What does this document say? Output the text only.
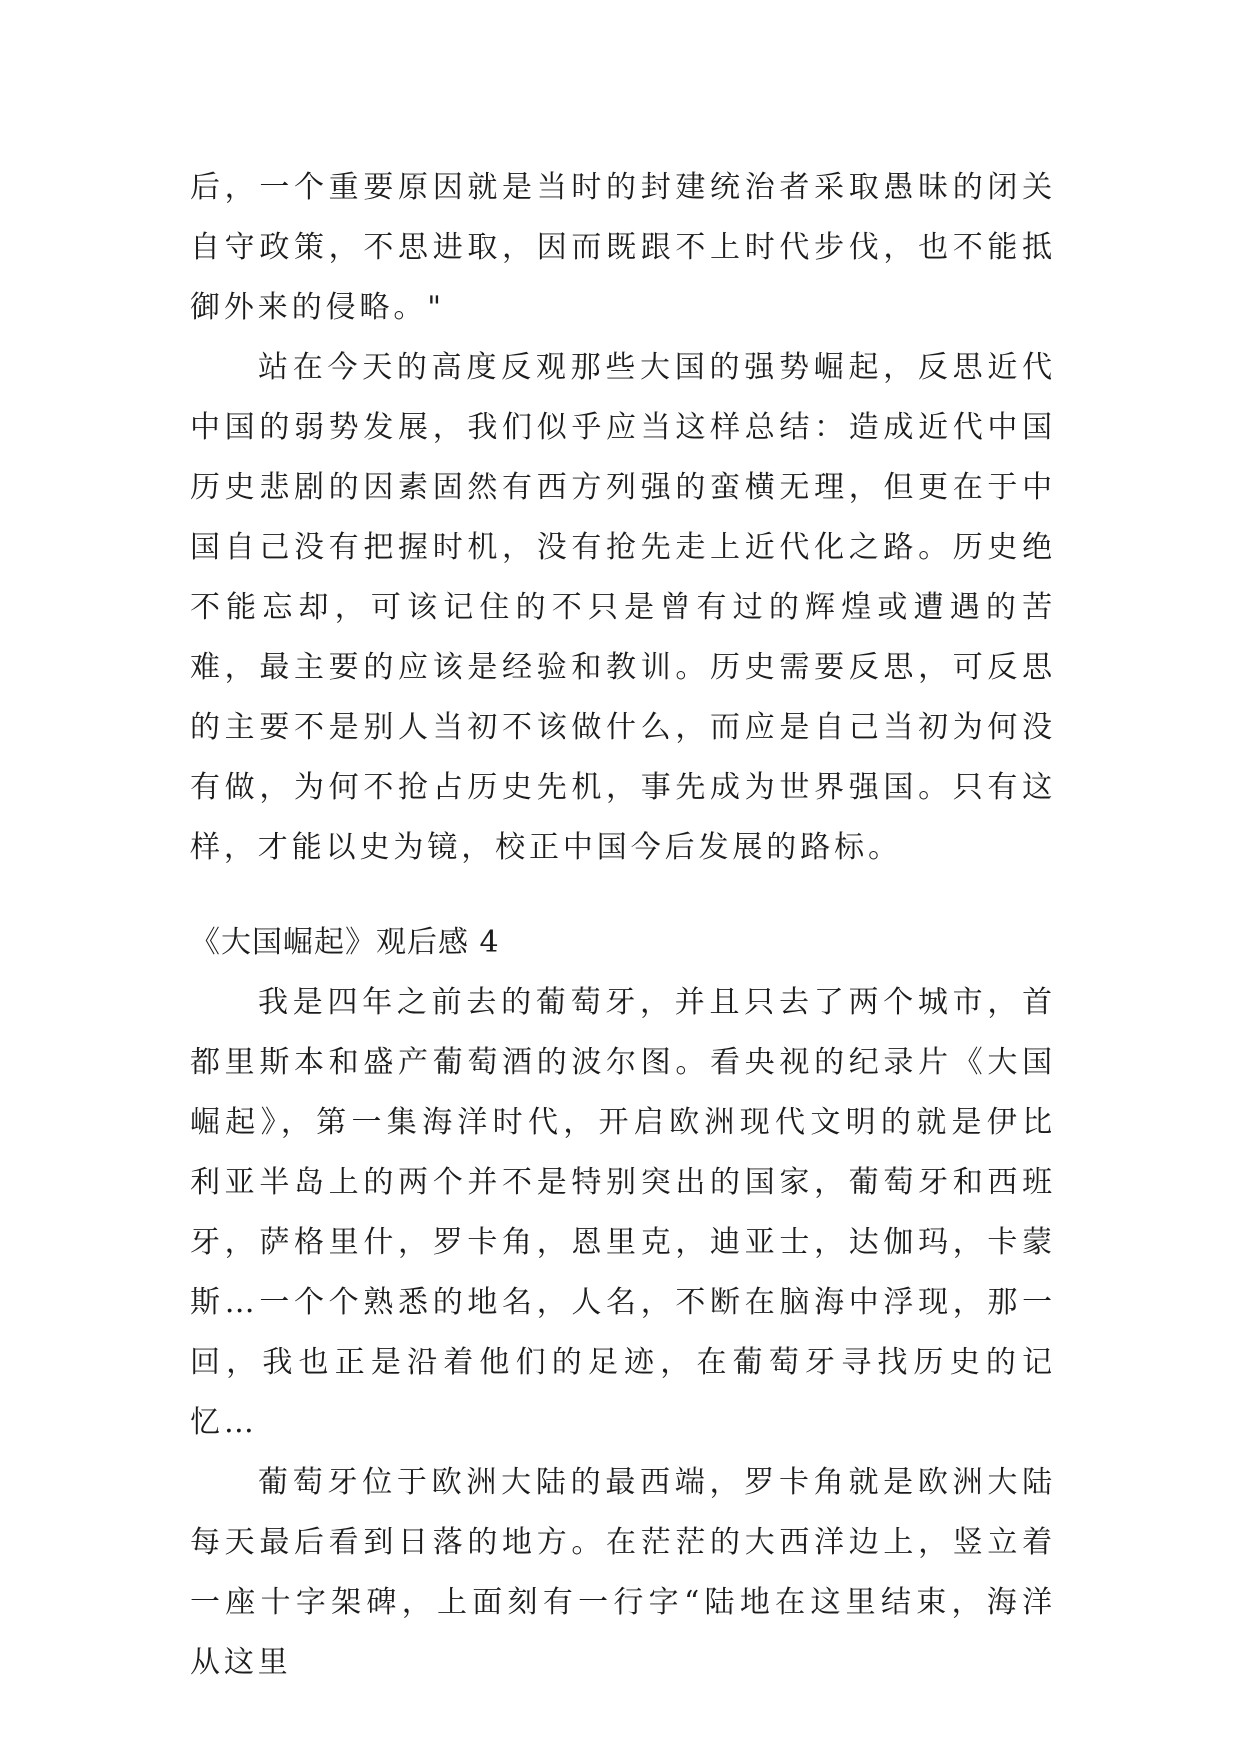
后，一个重要原因就是当时的封建统治者采取愚昧的闭关自守政策，不思进取，因而既跟不上时代步伐，也不能抵御外来的侵略。"

站在今天的高度反观那些大国的强势崛起，反思近代中国的弱势发展，我们似乎应当这样总结：造成近代中国历史悲剧的因素固然有西方列强的蛮横无理，但更在于中国自己没有把握时机，没有抢先走上近代化之路。历史绝不能忘却，可该记住的不只是曾有过的辉煌或遭遇的苦难，最主要的应该是经验和教训。历史需要反思，可反思的主要不是别人当初不该做什么，而应是自己当初为何没有做，为何不抢占历史先机，事先成为世界强国。只有这样，才能以史为镜，校正中国今后发展的路标。

《大国崛起》观后感 4

我是四年之前去的葡萄牙，并且只去了两个城市，首都里斯本和盛产葡萄酒的波尔图。看央视的纪录片《大国崛起》，第一集海洋时代，开启欧洲现代文明的就是伊比利亚半岛上的两个并不是特别突出的国家，葡萄牙和西班牙，萨格里什，罗卡角，恩里克，迪亚士，达伽玛，卡蒙斯…一个个熟悉的地名，人名，不断在脑海中浮现，那一回，我也正是沿着他们的足迹，在葡萄牙寻找历史的记忆…

葡萄牙位于欧洲大陆的最西端，罗卡角就是欧洲大陆每天最后看到日落的地方。在茫茫的大西洋边上，竖立着一座十字架碑，上面刻有一行字“陆地在这里结束，海洋从这里
